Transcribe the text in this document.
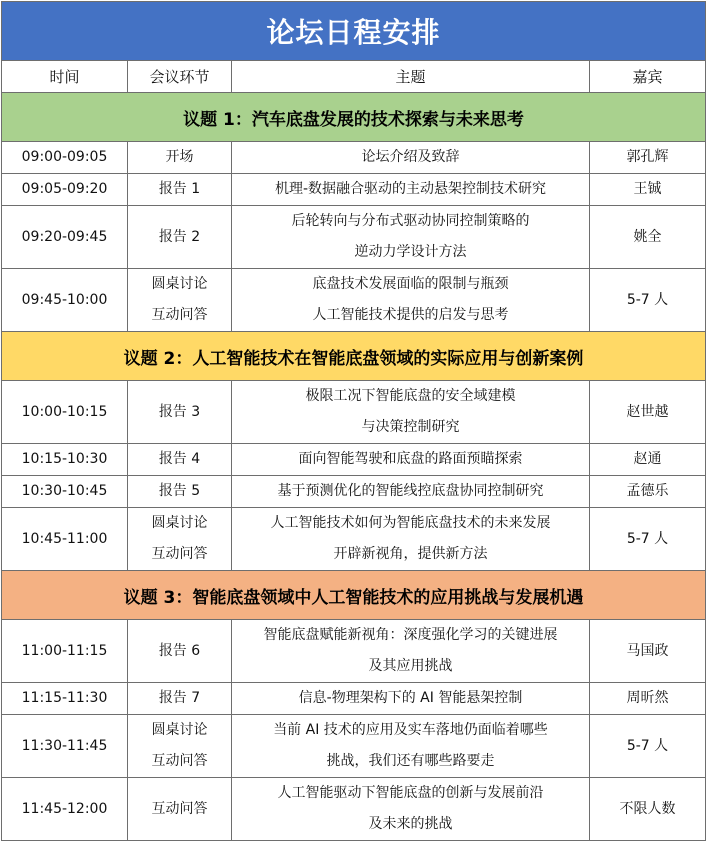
论坛日程安排			
时间	会议环节	主题	嘉宾
议题 1：汽车底盘发展的技术探索与未来思考			
09:00-09:05	开场	论坛介绍及致辞	郭孔辉
09:05-09:20	报告 1	机理-数据融合驱动的主动悬架控制技术研究	王铖
09:20-09:45	报告 2	后轮转向与分布式驱动协同控制策略的
逆动力学设计方法	姚全
09:45-10:00	圆桌讨论
互动问答	底盘技术发展面临的限制与瓶颈
人工智能技术提供的启发与思考	5-7 人
议题 2：人工智能技术在智能底盘领域的实际应用与创新案例			
10:00-10:15	报告 3	极限工况下智能底盘的安全域建模
与决策控制研究	赵世越
10:15-10:30	报告 4	面向智能驾驶和底盘的路面预瞄探索	赵通
10:30-10:45	报告 5	基于预测优化的智能线控底盘协同控制研究	孟德乐
10:45-11:00	圆桌讨论
互动问答	人工智能技术如何为智能底盘技术的未来发展
开辟新视角，提供新方法	5-7 人
议题 3：智能底盘领域中人工智能技术的应用挑战与发展机遇			
11:00-11:15	报告 6	智能底盘赋能新视角：深度强化学习的关键进展
及其应用挑战	马国政
11:15-11:30	报告 7	信息-物理架构下的 AI 智能悬架控制	周昕然
11:30-11:45	圆桌讨论
互动问答	当前 AI 技术的应用及实车落地仍面临着哪些
挑战，我们还有哪些路要走	5-7 人
11:45-12:00	互动问答	人工智能驱动下智能底盘的创新与发展前沿
及未来的挑战	不限人数
